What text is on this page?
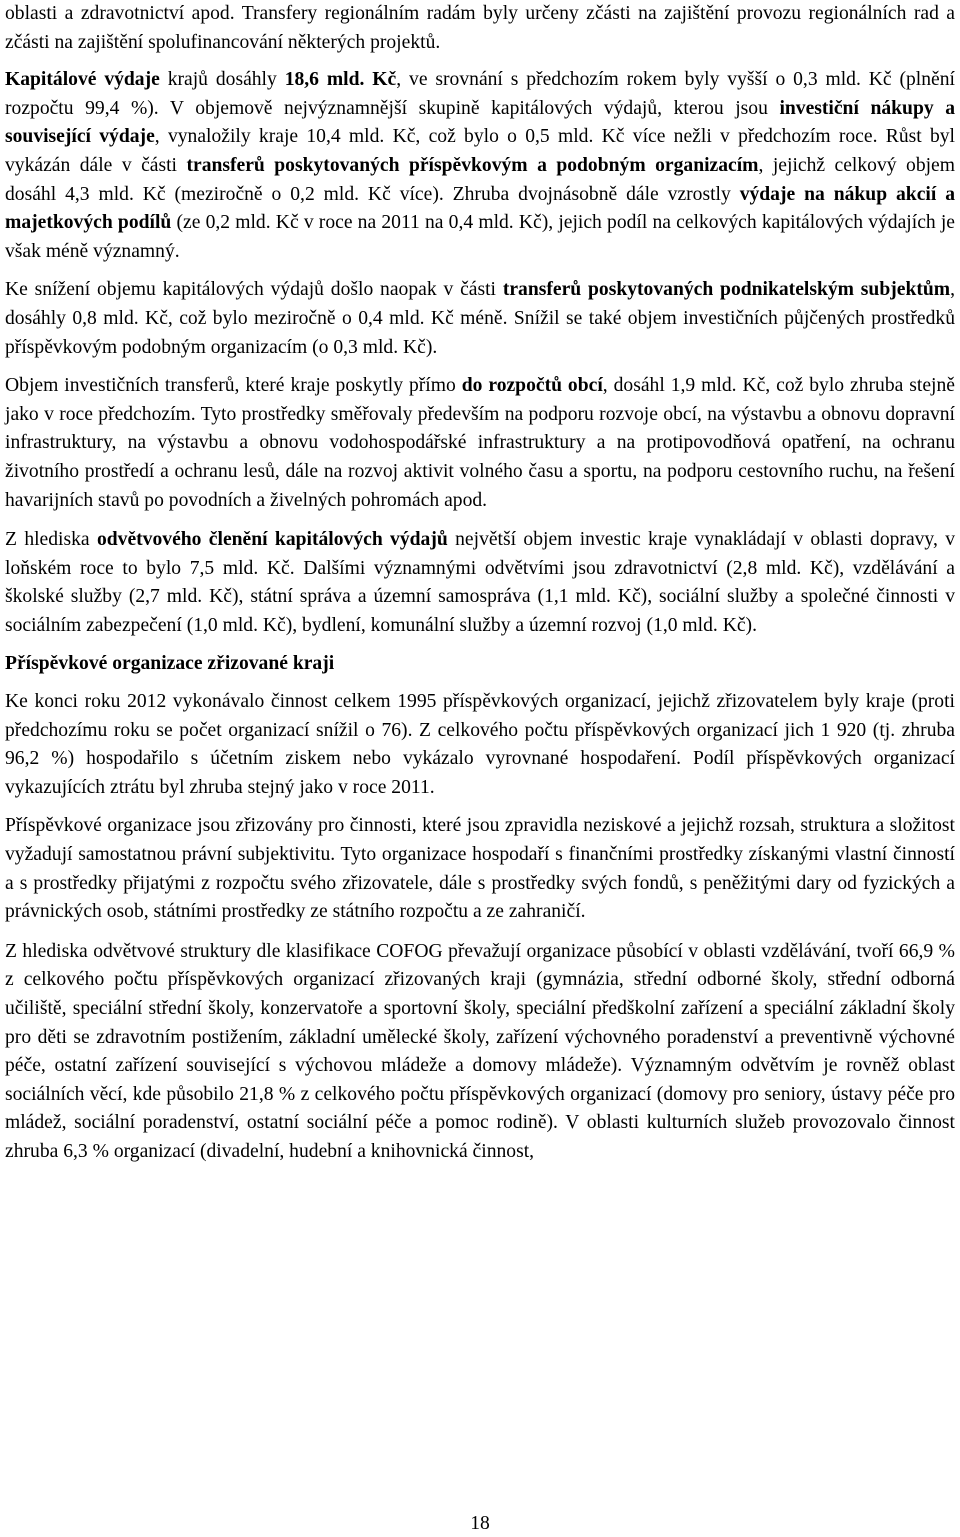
oblasti a zdravotnictví apod. Transfery regionálním radám byly určeny zčásti na zajištění provozu regionálních rad a zčásti na zajištění spolufinancování některých projektů.

Kapitálové výdaje krajů dosáhly 18,6 mld. Kč, ve srovnání s předchozím rokem byly vyšší o 0,3 mld. Kč (plnění rozpočtu 99,4 %). V objemově nejvýznamnější skupině kapitálových výdajů, kterou jsou investiční nákupy a související výdaje, vynaložily kraje 10,4 mld. Kč, což bylo o 0,5 mld. Kč více nežli v předchozím roce. Růst byl vykázán dále v části transferů poskytovaných příspěvkovým a podobným organizacím, jejichž celkový objem dosáhl 4,3 mld. Kč (meziročně o 0,2 mld. Kč více). Zhruba dvojnásobně dále vzrostly výdaje na nákup akcií a majetkových podílů (ze 0,2 mld. Kč v roce na 2011 na 0,4 mld. Kč), jejich podíl na celkových kapitálových výdajích je však méně významný.

Ke snížení objemu kapitálových výdajů došlo naopak v části transferů poskytovaných podnikatelským subjektům, dosáhly 0,8 mld. Kč, což bylo meziročně o 0,4 mld. Kč méně. Snížil se také objem investičních půjčených prostředků příspěvkovým podobným organizacím (o 0,3 mld. Kč).

Objem investičních transferů, které kraje poskytly přímo do rozpočtů obcí, dosáhl 1,9 mld. Kč, což bylo zhruba stejně jako v roce předchozím. Tyto prostředky směřovaly především na podporu rozvoje obcí, na výstavbu a obnovu dopravní infrastruktury, na výstavbu a obnovu vodohospodářské infrastruktury a na protipovodňová opatření, na ochranu životního prostředí a ochranu lesů, dále na rozvoj aktivit volného času a sportu, na podporu cestovního ruchu, na řešení havarijních stavů po povodních a živelných pohromách apod.

Z hlediska odvětvového členění kapitálových výdajů největší objem investic kraje vynakládají v oblasti dopravy, v loňském roce to bylo 7,5 mld. Kč. Dalšími významnými odvětvími jsou zdravotnictví (2,8 mld. Kč), vzdělávání a školské služby (2,7 mld. Kč), státní správa a územní samospráva (1,1 mld. Kč), sociální služby a společné činnosti v sociálním zabezpečení (1,0 mld. Kč), bydlení, komunální služby a územní rozvoj (1,0 mld. Kč).

Příspěvkové organizace zřizované kraji

Ke konci roku 2012 vykonávalo činnost celkem 1995 příspěvkových organizací, jejichž zřizovatelem byly kraje (proti předchozímu roku se počet organizací snížil o 76). Z celkového počtu příspěvkových organizací jich 1 920 (tj. zhruba 96,2 %) hospodařilo s účetním ziskem nebo vykázalo vyrovnané hospodaření. Podíl příspěvkových organizací vykazujících ztrátu byl zhruba stejný jako v roce 2011.

Příspěvkové organizace jsou zřizovány pro činnosti, které jsou zpravidla neziskové a jejichž rozsah, struktura a složitost vyžadují samostatnou právní subjektivitu. Tyto organizace hospodaří s finančními prostředky získanými vlastní činností a s prostředky přijatými z rozpočtu svého zřizovatele, dále s prostředky svých fondů, s peněžitými dary od fyzických a právnických osob, státními prostředky ze státního rozpočtu a ze zahraničí.

Z hlediska odvětvové struktury dle klasifikace COFOG převažují organizace působící v oblasti vzdělávání, tvoří 66,9 % z celkového počtu příspěvkových organizací zřizovaných kraji (gymnázia, střední odborné školy, střední odborná učiliště, speciální střední školy, konzervatoře a sportovní školy, speciální předškolní zařízení a speciální základní školy pro děti se zdravotním postižením, základní umělecké školy, zařízení výchovného poradenství a preventivně výchovné péče, ostatní zařízení související s výchovou mládeže a domovy mládeže). Významným odvětvím je rovněž oblast sociálních věcí, kde působilo 21,8 % z celkového počtu příspěvkových organizací (domovy pro seniory, ústavy péče pro mládež, sociální poradenství, ostatní sociální péče a pomoc rodině). V oblasti kulturních služeb provozovalo činnost zhruba 6,3 % organizací (divadelní, hudební a knihovnická činnost,

18
